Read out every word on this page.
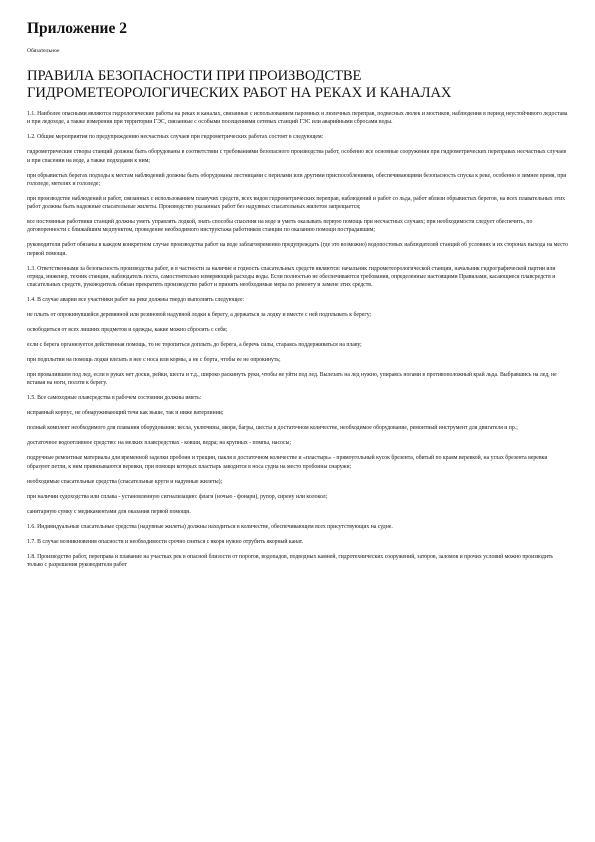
Приложение 2
Обязательное
ПРАВИЛА БЕЗОПАСНОСТИ ПРИ ПРОИЗВОДСТВЕ
ГИДРОМЕТЕОРОЛОГИЧЕСКИХ РАБОТ НА РЕКАХ И КАНАЛАХ

1.1. Наиболее опасными являются гидрологические работы на реках и каналах, связанные с использованием паромных и люлечных переправ, подвесных люлек и мостиков, наблюдения в период неустойчивого ледостава и при ледоходе, а также измерения при территории ГЭС, связанные с особыми посещениями сетевых станций ГЭС или аварийными сбросами воды.

1.2. Общие мероприятия по предупреждению несчастных случаев при гидрометрических работах состоят в следующем:

гидрометрические створы станций должны быть оборудованы в соответствии с требованиями безопасного производства работ, особенно все основные сооружения при гидрометрических переправах несчастных случаев и при спасении на воде, а также подходами к ним;

при обрывистых берегах подходы к местам наблюдений должны быть оборудованы лестницами с перилами или другими приспособлениями, обеспечивающими безопасность спуска к реке, особенно в зимнее время, при гололеде, метелях и гололеде;

при производстве наблюдений и работ, связанных с использованием плавучих средств, всех видов гидрометрических переправ, наблюдений и работ со льда, работ вблизи обрывистых берегов, на всех плавательных этих работ должны быть надежные спасательные жилеты. Производство указанных работ без надувных спасательных жилетов запрещается;

все постоянные работники станций должны уметь управлять лодкой, знать способы спасения на воде и уметь оказывать первую помощь при несчастных случаях; при необходимости следует обеспечить, по договоренности с ближайшим медпунктом, проведение необходимого инструктажа работников станции по оказанию помощи пострадавшим;

руководители работ обязаны в каждом конкретном случае производства работ на воде заблаговременно предупреждать (где это возможно) водопостовых наблюдателей станций об условиях и их сторонах выхода на место первой помощи.

1.3. Ответственными за безопасность производства работ, и в частности за наличие и годность спасательных средств являются: начальник гидрометеорологической станции, начальник гидрографической партии или отряда, инженер, техник станции, наблюдатель поста, самостоятельно измеряющий расходы воды. Если полностью не обеспечиваются требования, определенные настоящими Правилами, касающиеся плавсредств и спасательных средств, руководитель обязан прекратить производство работ и принять необходимые меры по ремонту и замене этих средств.

1.4. В случае аварии все участники работ на реке должны твердо выполнять следующее:

не плыть от опрокинувшейся деревянной или резиновой надувной лодки к берегу, а держаться за лодку и вместе с ней подплывать к берегу;

освободиться от всех лишних предметов и одежды, какие можно сбросить с себя;

если с берега организуется действенная помощь, то не торопиться доплыть до берега, а беречь силы, стараясь поддерживаться на плаву;

при подплытии на помощь лодки влезать в нее с носа или кормы, а не с борта, чтобы ее не опрокинуть;

при провалившем под лед, если в руках нет доски, рейки, шеста и т.д., широко раскинуть руки, чтобы не уйти под лед. Вылезать на лед нужно, упираясь ногами в противоположный край льда. Выбравшись на лед, не вставая на ноги, ползти к берегу.

1.5. Все самоходные плавсредства в рабочем состоянии должны иметь:

исправный корпус, не обнаруживающий течи как выше, так и ниже ватерлинии;

полный комплект необходимого для плавания оборудования: весла, уключины, якоря, багры, шесты в достаточном количестве, необходимое оборудование, ремонтный инструмент для двигателя и пр.;

достаточное водоотливное средство: на мелких плавсредствах - ковши, ведра; на крупных - помпы, насосы;

подручные ремонтные материалы для временной заделки пробоин и трещин, пакля в достаточном количестве и «пластырь» - прямоугольный кусок брезента, обитый по краям веревкой, на углах брезента веревки образуют петли, к ним привязываются веревки, при помощи которых пластырь заводится в носа судна на место пробоины снаружи;

необходимые спасательные средства (спасательные круги и надувные жилеты);

при наличии судоходства или сплава - установленную сигнализацию: флаги (ночью - фонари), рупор, сирену или колокол;

санитарную сумку с медикаментами для оказания первой помощи.

1.6. Индивидуальные спасательные средства (надувные жилеты) должны находиться в количестве, обеспечивающем всех присутствующих на судне.

1.7. В случае возникновения опасности и необходимости срочно сняться с якоря нужно отрубить якорный канат.

1.8. Производство работ, переправа и плавание на участках рек в опасной близости от порогов, водопадов, подводных камней, гидротехнических сооружений, заторов, заломов и прочих условий можно производить только с разрешения руководителя работ
